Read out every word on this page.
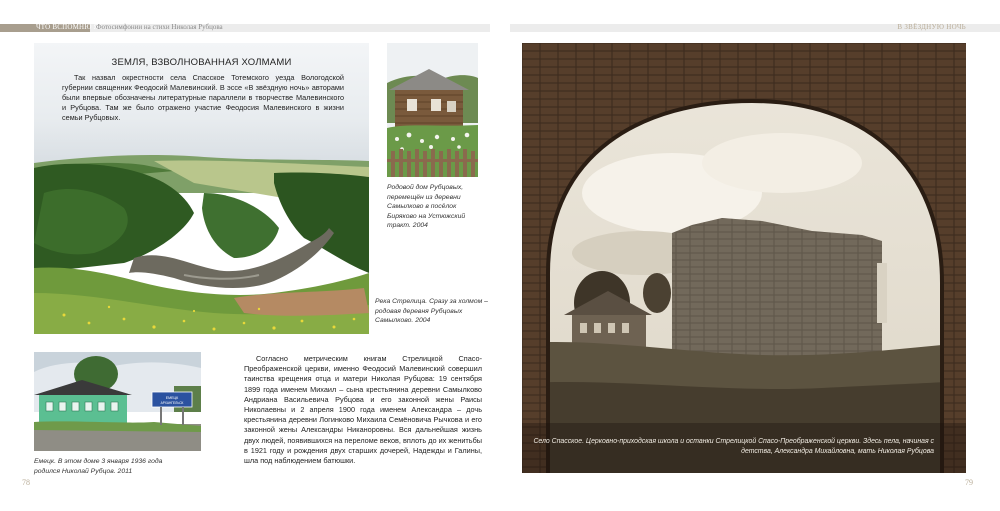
ЧТО ВСПОМНЮ Я?
Фотосимфонии на стихи Николая Рубцова	В ЗВЁЗДНУЮ НОЧЬ
ЗЕМЛЯ, ВЗВОЛНОВАННАЯ ХОЛМАМИ

Так назвал окрестности села Спасское Тотемского уезда Вологодской губернии священник Феодосий Малевинский. В эссе «В звёздную ночь» авторами были впервые обозначены литературные параллели в творчестве Малевинского и Рубцова. Там же было отражено участие Феодосия Малевинского в жизни семьи Рубцовых.

Родовой дом Рубцовых, перемещён из деревни Самылково в посёлок Биряково на Устюжский тракт. 2004
Река Стрелица. Сразу за холмом – родовая деревня Рубцовых Самылково. 2004
ЕМЕЦК
АРХАНГЕЛЬСК
Емецк. В этом доме 3 января 1936 года родился Николай Рубцов. 2011

Согласно метрическим книгам Стрелицкой Спасо-Преображенской церкви, именно Феодосий Малевинский совершил таинства крещения отца и матери Николая Рубцова: 19 сентября 1899 года именем Михаил – сына крестьянина деревни Самылково Андриана Васильевича Рубцова и его законной жены Раисы Николаевны и 2 апреля 1900 года именем Александра – дочь крестьянина деревни Логинково Михаила Семёновича Рычкова и его законной жены Александры Никаноровны. Вся дальнейшая жизнь двух людей, появившихся на переломе веков, вплоть до их женитьбы в 1921 году и рождения двух старших дочерей, Надежды и Галины, шла под наблюдением батюшки.

78	79
Село Спасское. Церковно-приходская школа и останки Стрелицкой Спасо-Преображенской церкви. Здесь пела, начиная с детства, Александра Михайловна, мать Николая Рубцова
